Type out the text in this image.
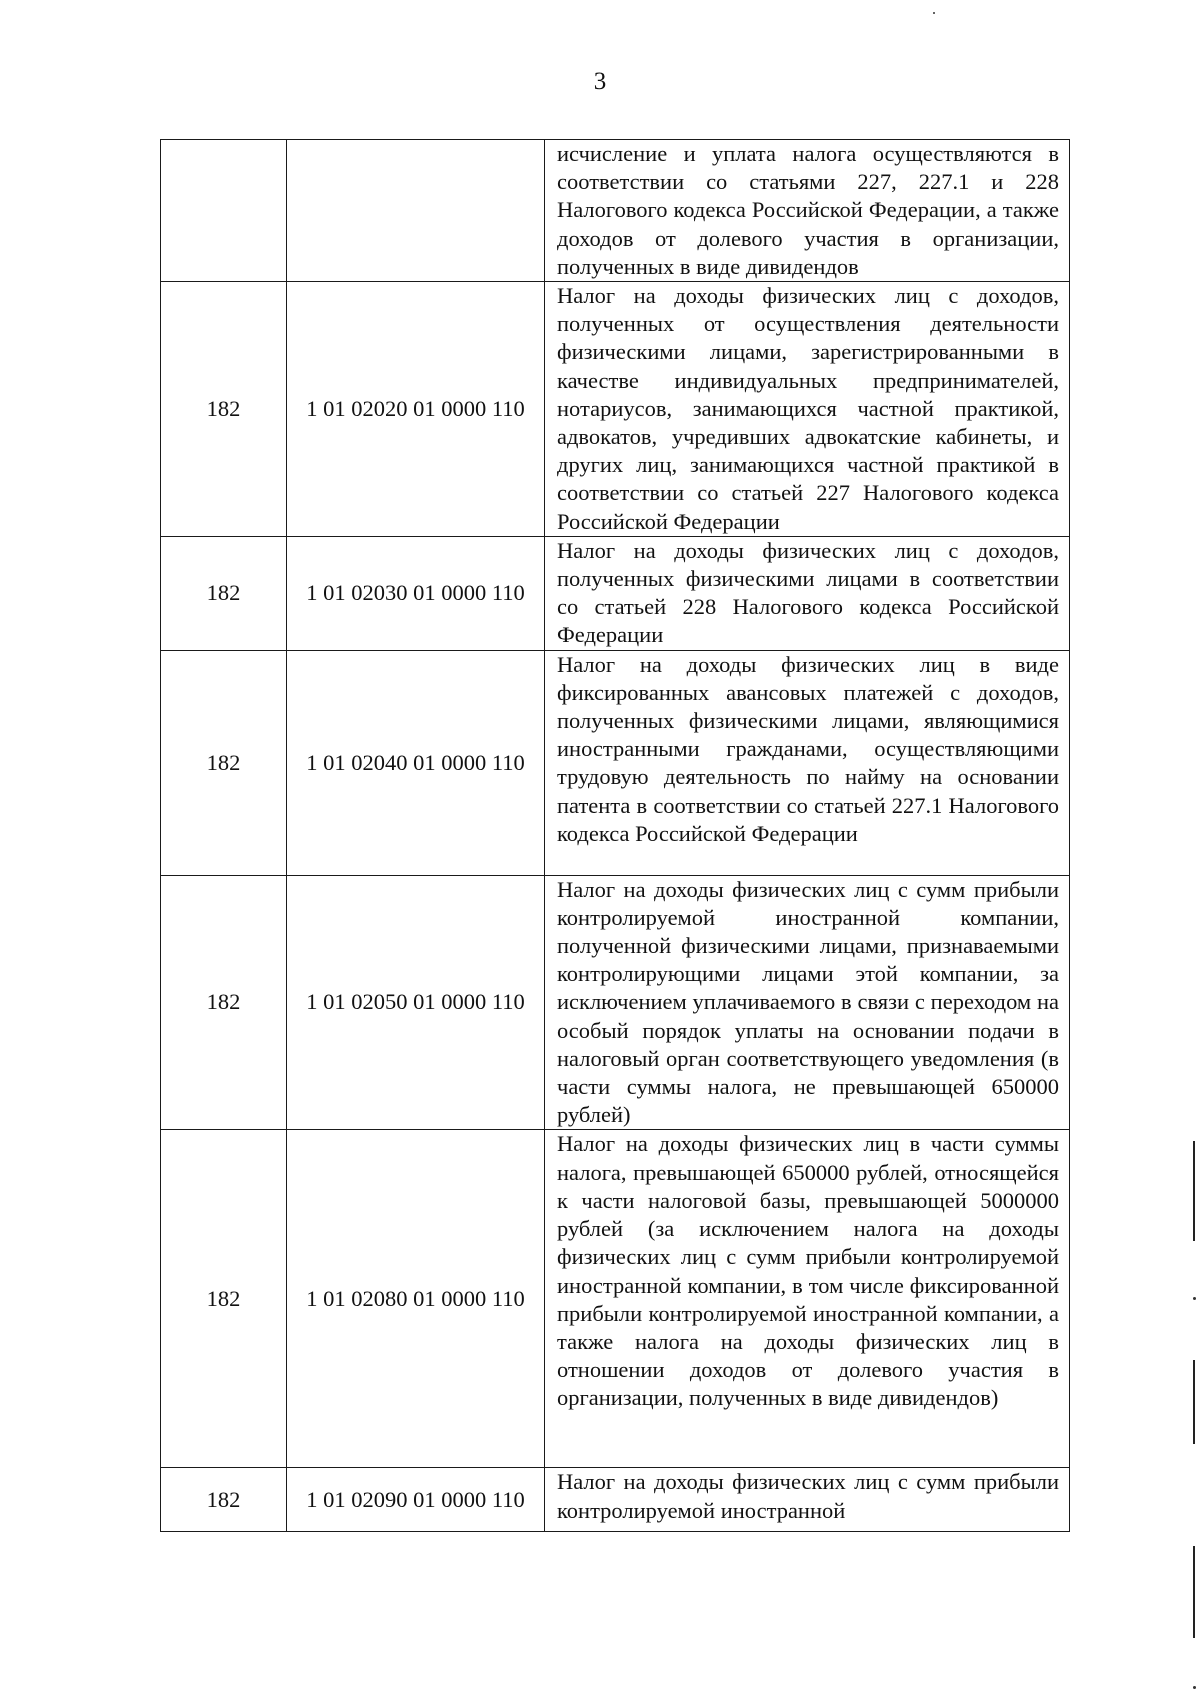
3

		исчисление и уплата налога осуществляются в соответствии со статьями 227, 227.1 и 228 Налогового кодекса Российской Федерации, а также доходов от долевого участия в организации, полученных в виде дивидендов

182	1 01 02020 01 0000 110	Налог на доходы физических лиц с доходов, полученных от осуществления деятельности физическими лицами, зарегистрированными в качестве индивидуальных предпринимателей, нотариусов, занимающихся частной практикой, адвокатов, учредивших адвокатские кабинеты, и других лиц, занимающихся частной практикой в соответствии со статьей 227 Налогового кодекса Российской Федерации

182	1 01 02030 01 0000 110	Налог на доходы физических лиц с доходов, полученных физическими лицами в соответствии со статьей 228 Налогового кодекса Российской Федерации

182	1 01 02040 01 0000 110	Налог на доходы физических лиц в виде фиксированных авансовых платежей с доходов, полученных физическими лицами, являющимися иностранными гражданами, осуществляющими трудовую деятельность по найму на основании патента в соответствии со статьей 227.1 Налогового кодекса Российской Федерации

182	1 01 02050 01 0000 110	Налог на доходы физических лиц с сумм прибыли контролируемой иностранной компании, полученной физическими лицами, признаваемыми контролирующими лицами этой компании, за исключением уплачиваемого в связи с переходом на особый порядок уплаты на основании подачи в налоговый орган соответствующего уведомления (в части суммы налога, не превышающей 650000 рублей)

182	1 01 02080 01 0000 110	Налог на доходы физических лиц в части суммы налога, превышающей 650000 рублей, относящейся к части налоговой базы, превышающей 5000000 рублей (за исключением налога на доходы физических лиц с сумм прибыли контролируемой иностранной компании, в том числе фиксированной прибыли контролируемой иностранной компании, а также налога на доходы физических лиц в отношении доходов от долевого участия в организации, полученных в виде дивидендов)

182	1 01 02090 01 0000 110	Налог на доходы физических лиц с сумм прибыли контролируемой иностранной
